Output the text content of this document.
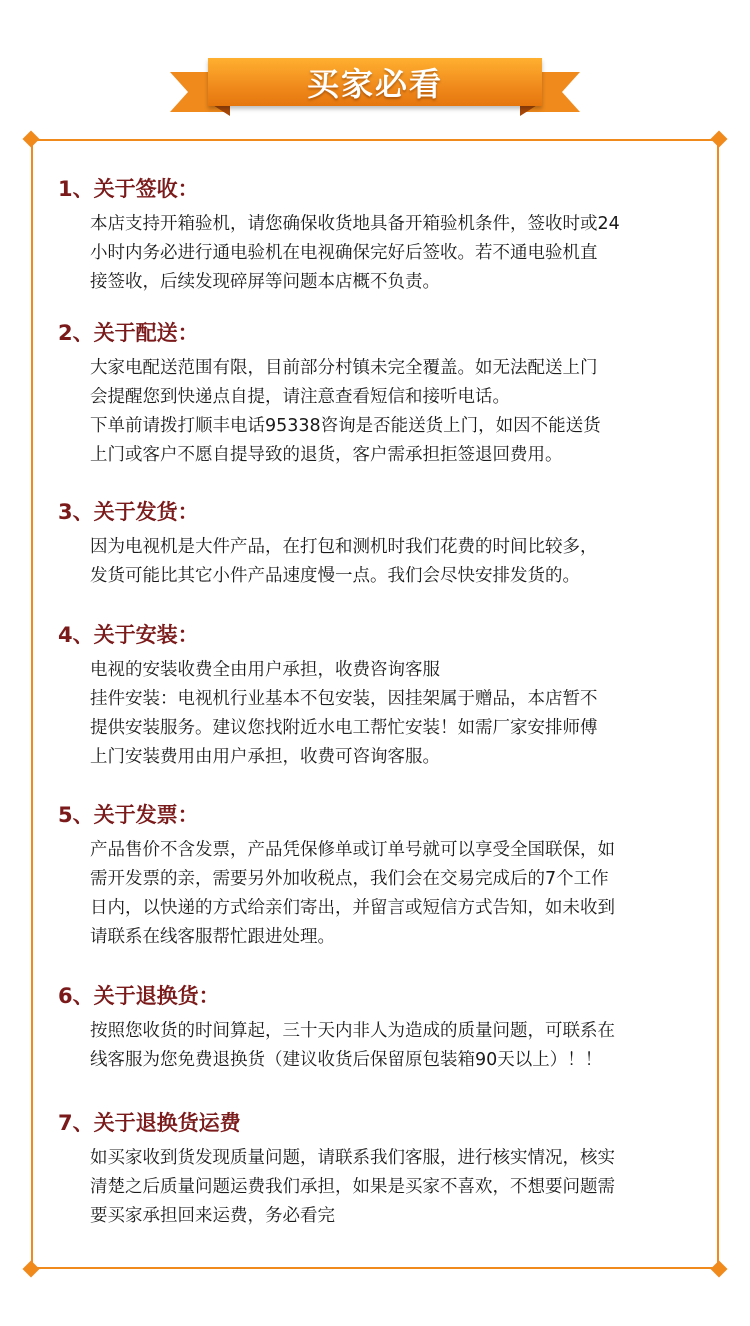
买家必看
1、关于签收：
本店支持开箱验机，请您确保收货地具备开箱验机条件，签收时或24
小时内务必进行通电验机在电视确保完好后签收。若不通电验机直
接签收，后续发现碎屏等问题本店概不负责。
2、关于配送：
大家电配送范围有限，目前部分村镇未完全覆盖。如无法配送上门
会提醒您到快递点自提，请注意查看短信和接听电话。
下单前请拨打顺丰电话95338咨询是否能送货上门，如因不能送货
上门或客户不愿自提导致的退货，客户需承担拒签退回费用。
3、关于发货：
因为电视机是大件产品，在打包和测机时我们花费的时间比较多，
发货可能比其它小件产品速度慢一点。我们会尽快安排发货的。
4、关于安装：
电视的安装收费全由用户承担，收费咨询客服
挂件安装：电视机行业基本不包安装，因挂架属于赠品，本店暂不
提供安装服务。建议您找附近水电工帮忙安装！如需厂家安排师傅
上门安装费用由用户承担，收费可咨询客服。
5、关于发票：
产品售价不含发票，产品凭保修单或订单号就可以享受全国联保，如
需开发票的亲，需要另外加收税点，我们会在交易完成后的7个工作
日内，以快递的方式给亲们寄出，并留言或短信方式告知，如未收到
请联系在线客服帮忙跟进处理。
6、关于退换货：
按照您收货的时间算起，三十天内非人为造成的质量问题，可联系在
线客服为您免费退换货（建议收货后保留原包装箱90天以上）！！
7、关于退换货运费
如买家收到货发现质量问题，请联系我们客服，进行核实情况，核实
清楚之后质量问题运费我们承担，如果是买家不喜欢，不想要问题需
要买家承担回来运费，务必看完
